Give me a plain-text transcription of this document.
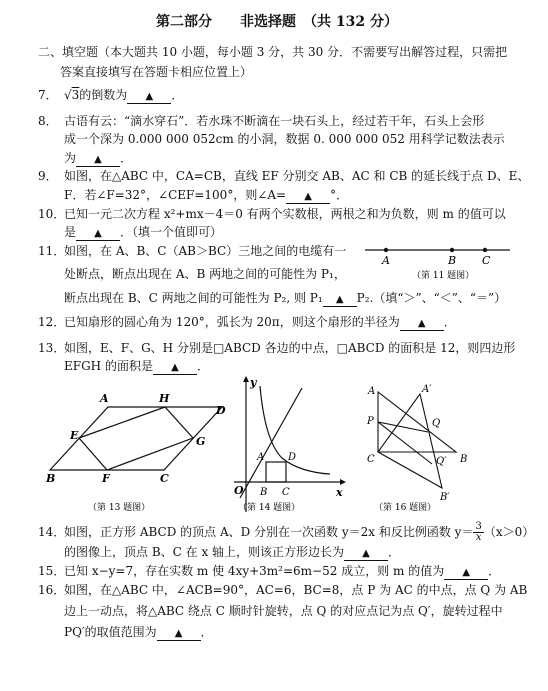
第二部分　　非选择题　（共 132 分）
二、填空题（本大题共 10 小题，每小题 3 分，共 30 分．不需要写出解答过程，只需把
答案直接填写在答题卡相应位置上）
7． √3的倒数为 ▲ ．
8． 古语有云：“滴水穿石”．若水珠不断滴在一块石头上，经过若干年，石头上会形
成一个深为 0.000 000 052cm 的小洞，数据 0. 000 000 052 用科学记数法表示
为 ▲ ．
9． 如图，在△ABC 中，CA=CB，直线 EF 分别交 AB、AC 和 CB 的延长线于点 D、E、
F．若∠F=32°，∠CEF=100°，则∠A= ▲ °．
10．已知一元二次方程 x²+mx－4＝0 有两个实数根，两根之和为负数，则 m 的值可以
是 ▲ ．（填一个值即可）
11．如图，在 A、B、C（AB＞BC）三地之间的电缆有一
处断点，断点出现在 A、B 两地之间的可能性为 P₁，
断点出现在 B、C 两地之间的可能性为 P₂, 则 P₁ ▲ P₂.（填“＞”、“＜”、“＝”）
A	B C
（第 11 题图）
12．已知扇形的圆心角为 120°，弧长为 20π，则这个扇形的半径为 ▲ ．
13．如图，E、F、G、H 分别是□ABCD 各边的中点，□ABCD 的面积是 12，则四边形
EFGH 的面积是 ▲ ．
A	H
D
E	G
B	F	C
（第 13 题图）
y
x
O
A D
B C
（第 14 题图）
A	A′
P	Q
C	Q′ B
B′
（第 16 题图）
14．如图，正方形 ABCD 的顶点 A、D 分别在一次函数 y＝2x 和反比例函数 $y= \frac{3}{x} (x>0)$
的图像上，顶点 B、C 在 x 轴上，则该正方形边长为 ▲ ．
15．已知 x−y=7，存在实数 m 使 4xy+3m²=6m−52 成立，则 m 的值为 ▲ ．
16．如图，在△ABC 中，∠ACB=90°，AC=6，BC=8，点 P 为 AC 的中点，点 Q 为 AB
边上一动点，将△ABC 绕点 C 顺时针旋转，点 Q 的对应点记为点 Q′，旋转过程中
PQ′的取值范围为 ▲ ．
